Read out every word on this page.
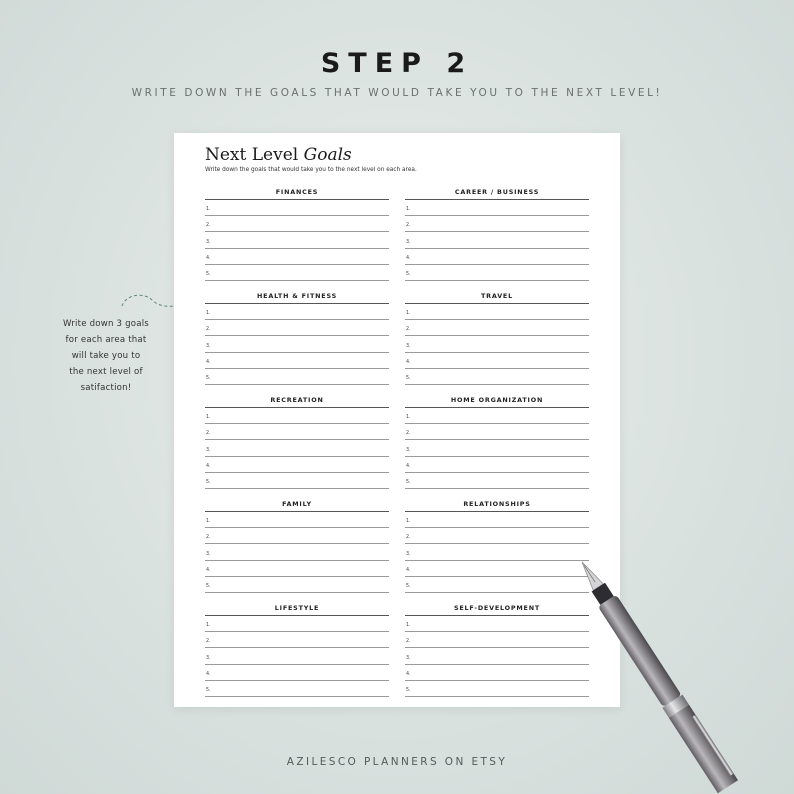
STEP 2
WRITE DOWN THE GOALS THAT WOULD TAKE YOU TO THE NEXT LEVEL!
Write down 3 goals
for each area that
will take you to
the next level of
satifaction!
Next Level Goals
Write down the goals that would take you to the next level on each area.
FINANCES
1.
2.
3.
4.
5.
CAREER / BUSINESS
1.
2.
3.
4.
5.
HEALTH & FITNESS
1.
2.
3.
4.
5.
TRAVEL
1.
2.
3.
4.
5.
RECREATION
1.
2.
3.
4.
5.
HOME ORGANIZATION
1.
2.
3.
4.
5.
FAMILY
1.
2.
3.
4.
5.
RELATIONSHIPS
1.
2.
3.
4.
5.
LIFESTYLE
1.
2.
3.
4.
5.
SELF-DEVELOPMENT
1.
2.
3.
4.
5.
AZILESCO PLANNERS ON ETSY
